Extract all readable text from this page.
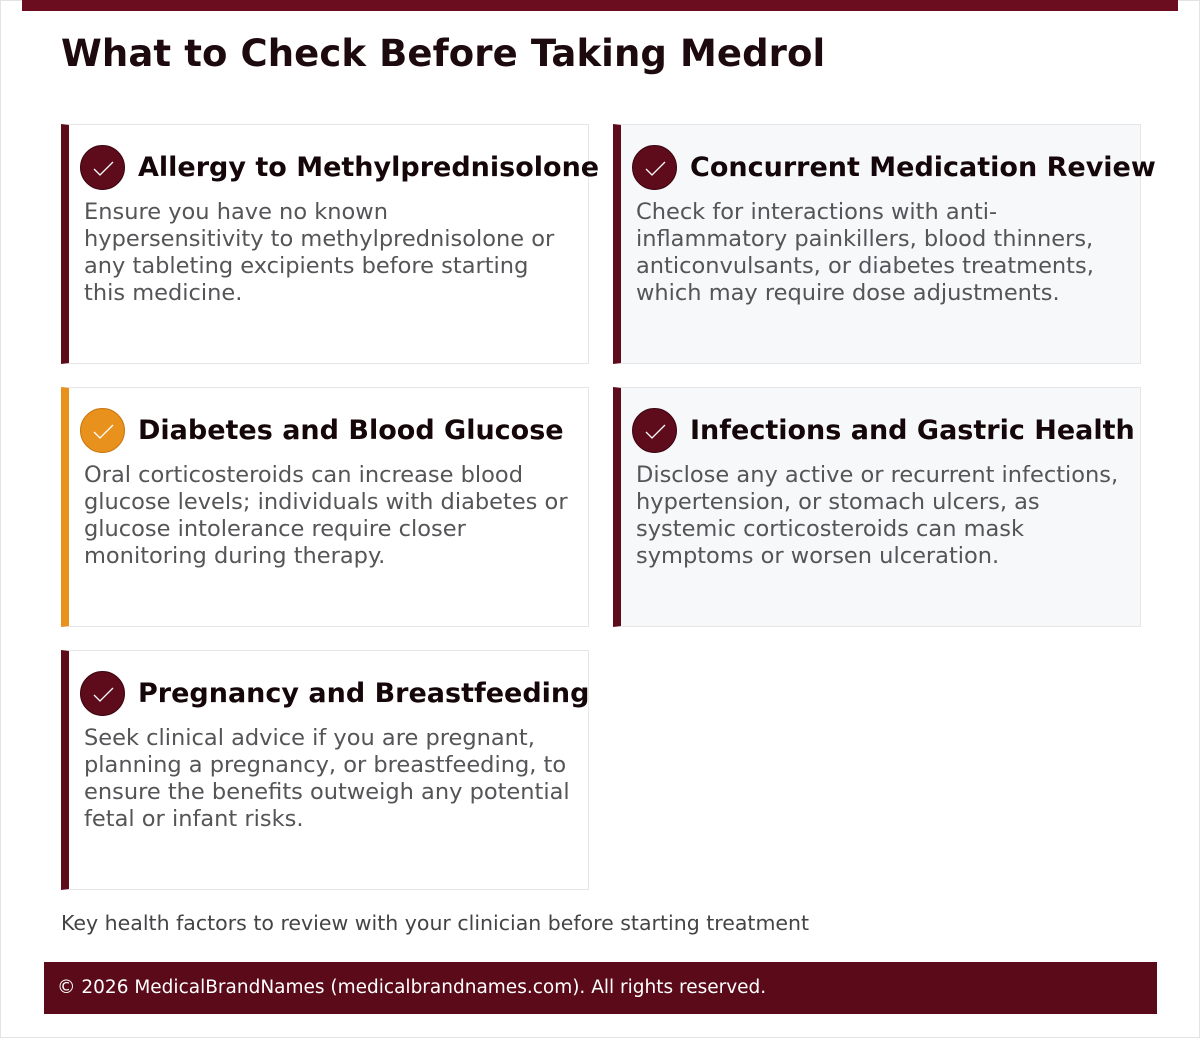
What to Check Before Taking Medrol
Allergy to Methylprednisolone

Ensure you have no known hypersensitivity to methylprednisolone or any tableting excipients before starting this medicine.

Concurrent Medication Review

Check for interactions with anti-inflammatory painkillers, blood thinners, anticonvulsants, or diabetes treatments, which may require dose adjustments.

Diabetes and Blood Glucose

Oral corticosteroids can increase blood glucose levels; individuals with diabetes or glucose intolerance require closer monitoring during therapy.

Infections and Gastric Health

Disclose any active or recurrent infections, hypertension, or stomach ulcers, as systemic corticosteroids can mask symptoms or worsen ulceration.

Pregnancy and Breastfeeding

Seek clinical advice if you are pregnant, planning a pregnancy, or breastfeeding, to ensure the benefits outweigh any potential fetal or infant risks.

Key health factors to review with your clinician before starting treatment

© 2026 MedicalBrandNames (medicalbrandnames.com). All rights reserved.
